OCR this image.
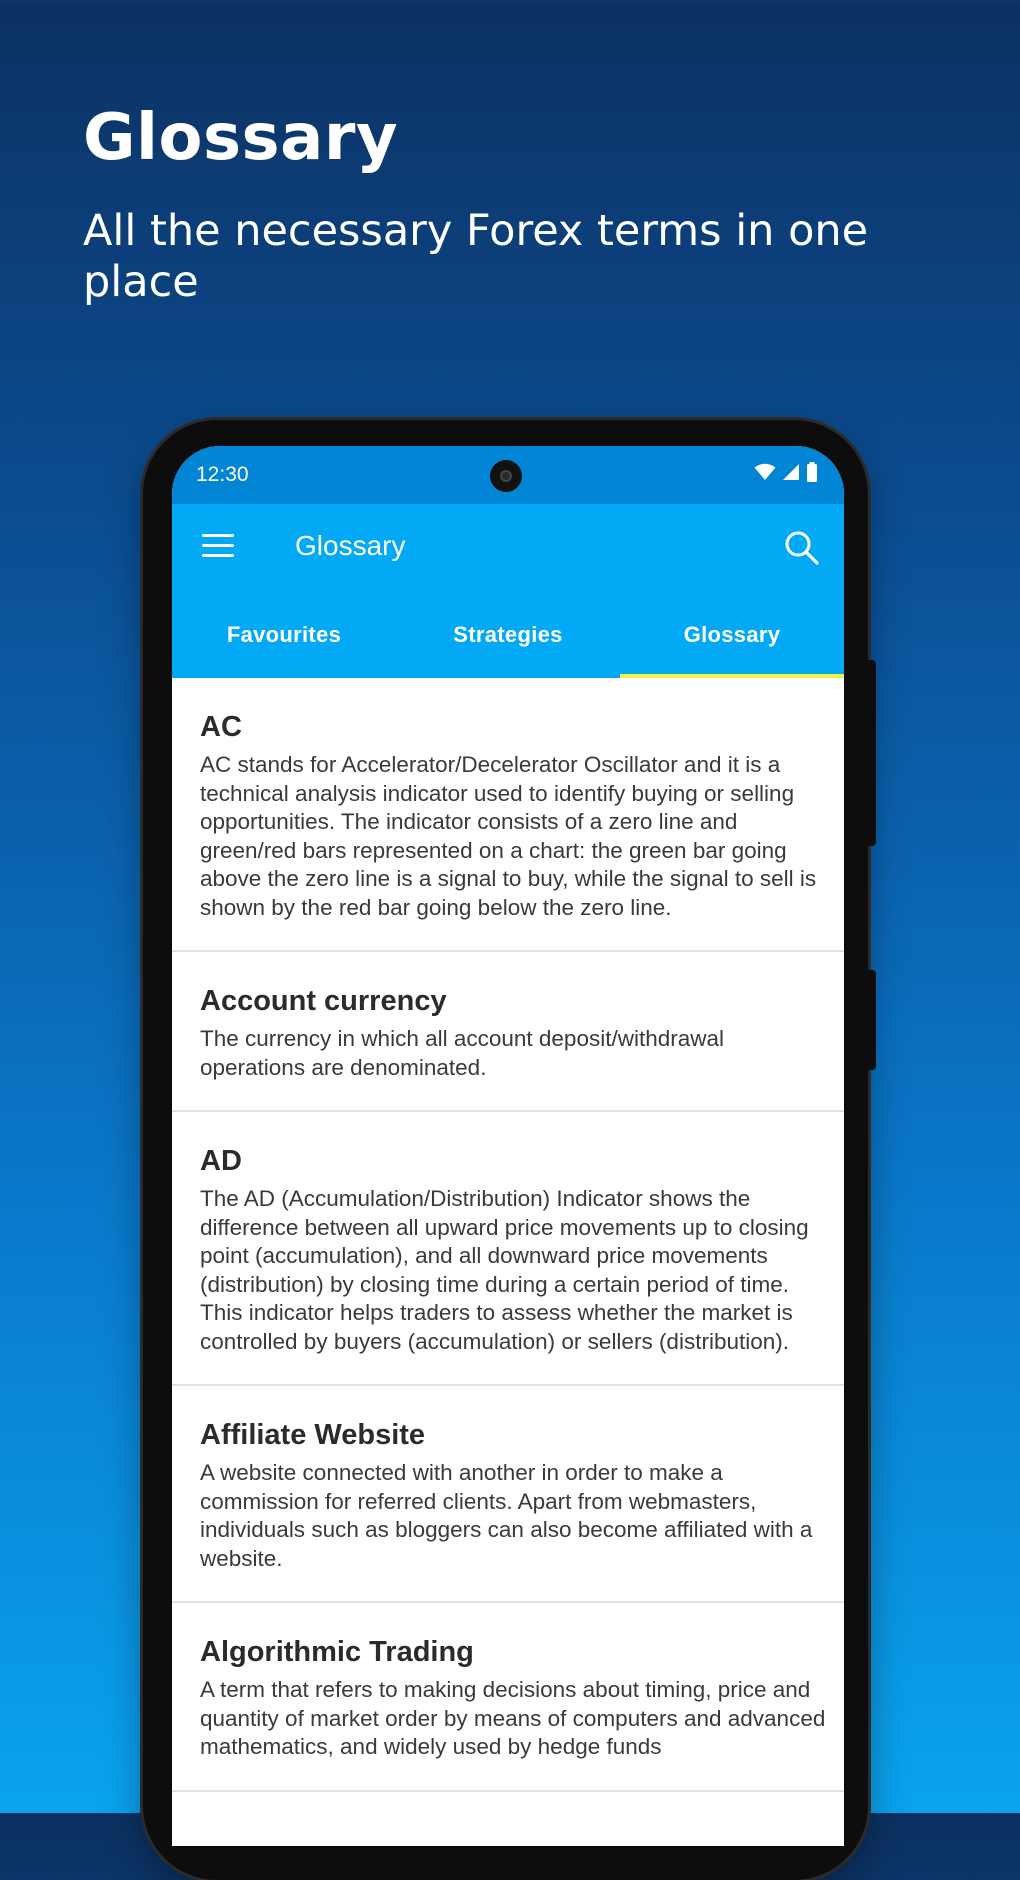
Glossary

All the necessary Forex terms in one place

12:30
Glossary
Favourites	Strategies	Glossary
AC

AC stands for Accelerator/Decelerator Oscillator and it is a technical analysis indicator used to identify buying or selling opportunities. The indicator consists of a zero line and green/red bars represented on a chart: the green bar going above the zero line is a signal to buy, while the signal to sell is shown by the red bar going below the zero line.

Account currency

The currency in which all account deposit/withdrawal operations are denominated.

AD

The AD (Accumulation/Distribution) Indicator shows the difference between all upward price movements up to closing point (accumulation), and all downward price movements (distribution) by closing time during a certain period of time. This indicator helps traders to assess whether the market is controlled by buyers (accumulation) or sellers (distribution).

Affiliate Website

A website connected with another in order to make a commission for referred clients. Apart from webmasters, individuals such as bloggers can also become affiliated with a website.

Algorithmic Trading

A term that refers to making decisions about timing, price and quantity of market order by means of computers and advanced mathematics, and widely used by hedge funds
